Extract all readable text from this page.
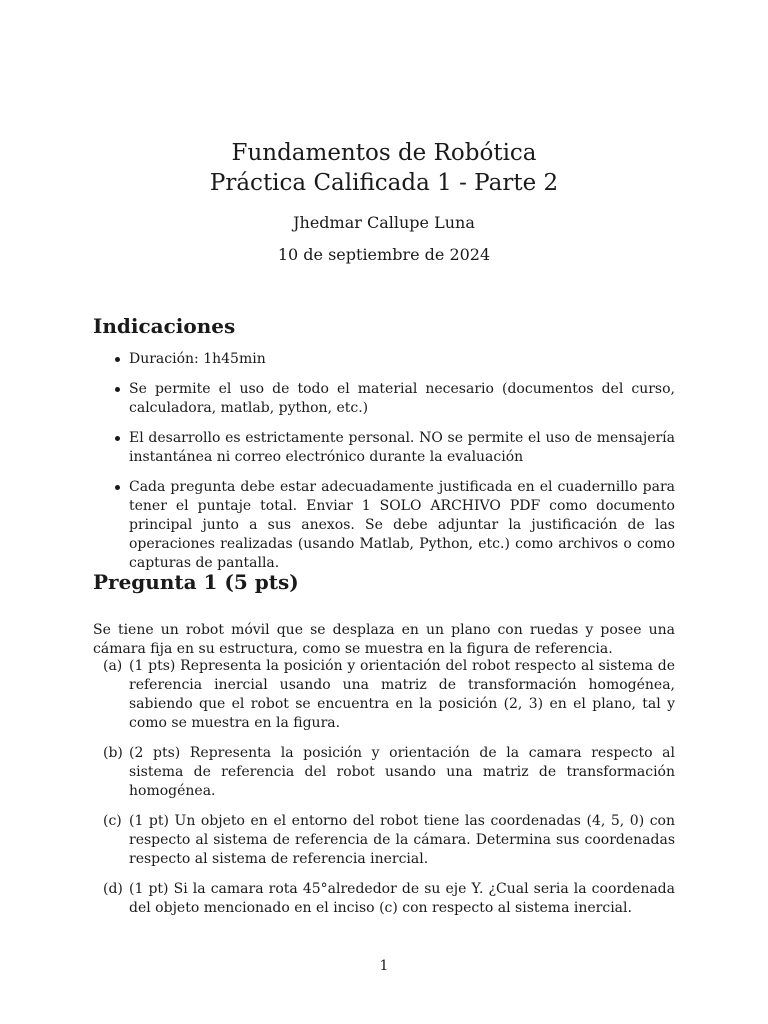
Fundamentos de Robótica
Práctica Calificada 1 - Parte 2
Jhedmar Callupe Luna
10 de septiembre de 2024
Indicaciones
Duración: 1h45min
Se permite el uso de todo el material necesario (documentos del curso, calculadora, matlab, python, etc.)
El desarrollo es estrictamente personal. NO se permite el uso de mensajería instantánea ni correo electrónico durante la evaluación
Cada pregunta debe estar adecuadamente justificada en el cuadernillo para tener el puntaje total. Enviar 1 SOLO ARCHIVO PDF como documento principal junto a sus anexos. Se debe adjuntar la justificación de las operaciones realizadas (usando Matlab, Python, etc.) como archivos o como capturas de pantalla.
Pregunta 1 (5 pts)

Se tiene un robot móvil que se desplaza en un plano con ruedas y posee una cámara fija en su estructura, como se muestra en la figura de referencia.

(a) (1 pts) Representa la posición y orientación del robot respecto al sistema de referencia inercial usando una matriz de transformación homogénea, sabiendo que el robot se encuentra en la posición (2, 3) en el plano, tal y como se muestra en la figura.
(b) (2 pts) Representa la posición y orientación de la camara respecto al sistema de referencia del robot usando una matriz de transformación homogénea.
(c) (1 pt) Un objeto en el entorno del robot tiene las coordenadas (4, 5, 0) con respecto al sistema de referencia de la cámara. Determina sus coordenadas respecto al sistema de referencia inercial.
(d) (1 pt) Si la camara rota 45°alrededor de su eje Y. ¿Cual seria la coordenada del objeto mencionado en el inciso (c) con respecto al sistema inercial.
1
